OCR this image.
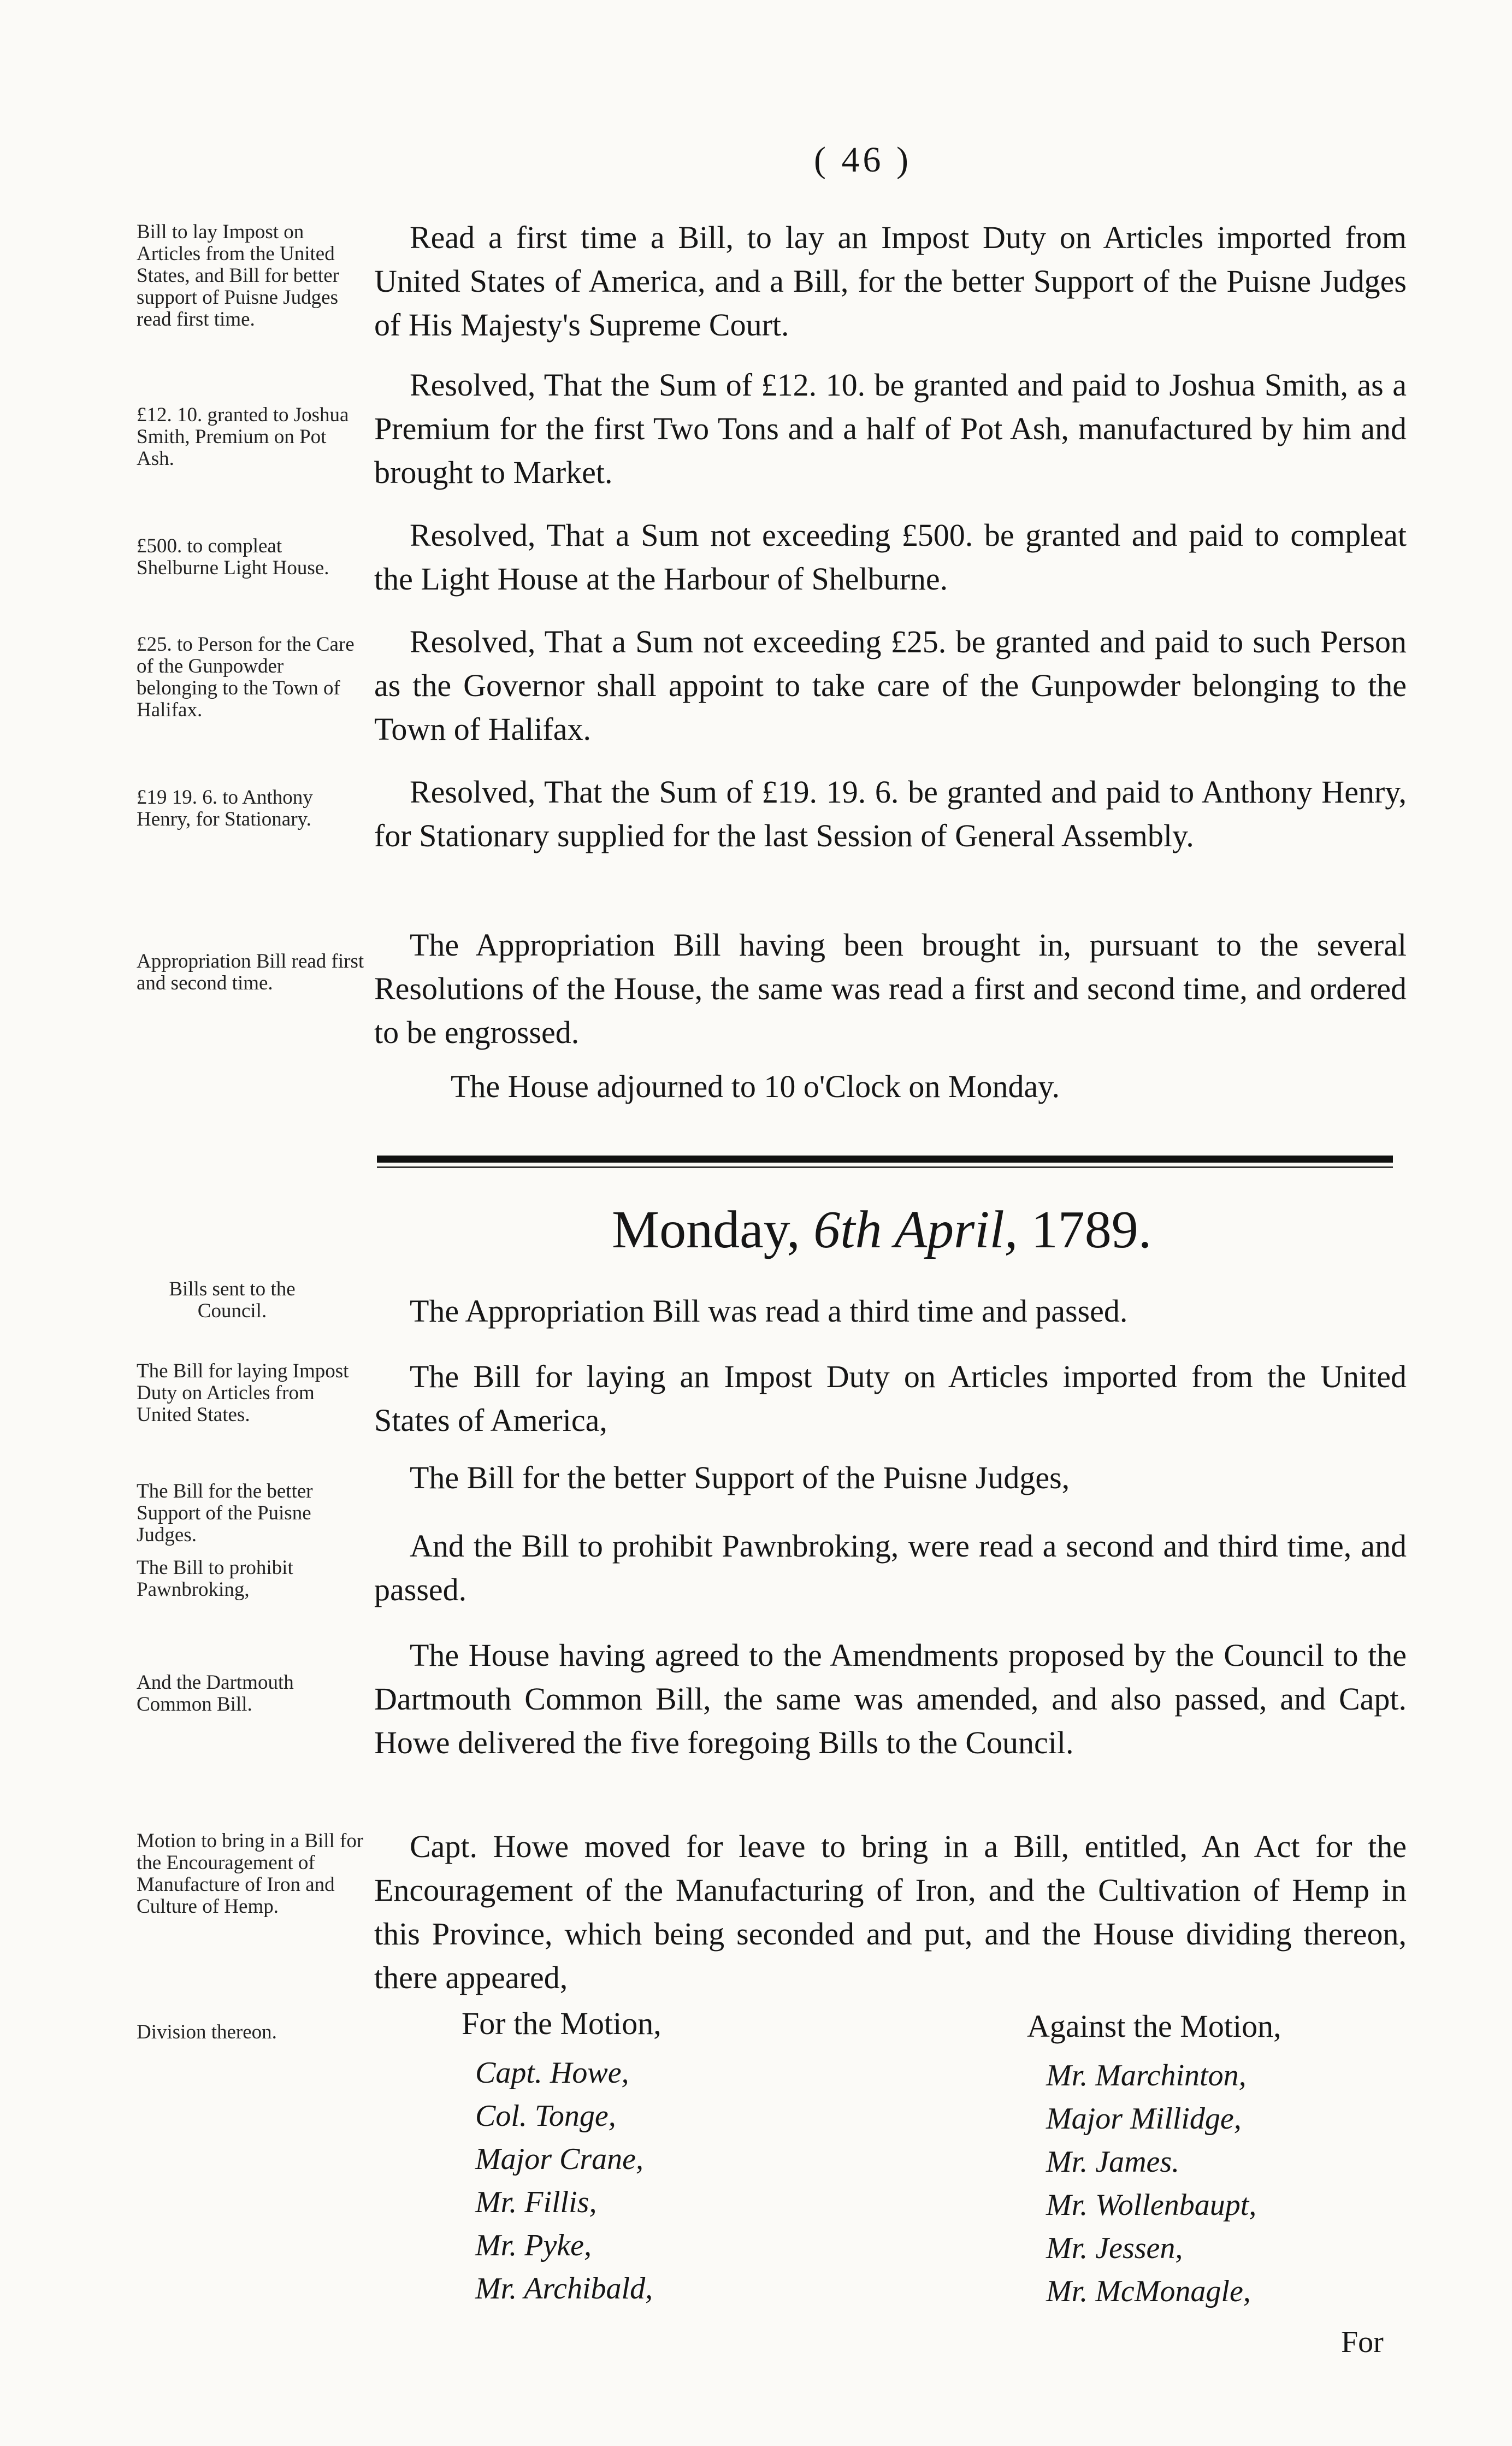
( 46 )
Bill to lay Impost on Articles from the United States, and Bill for better support of Puisne Judges read first time.
£12. 10. granted to Joshua Smith, Premium on Pot Ash.
£500. to compleat Shelburne Light House.
£25. to Person for the Care of the Gunpowder belonging to the Town of Halifax.
£19 19. 6. to Anthony Henry, for Stationary.
Appropriation Bill read first and second time.
Read a first time a Bill, to lay an Impost Duty on Articles imported from United States of America, and a Bill, for the better Support of the Puisne Judges of His Majesty's Supreme Court.
Resolved, That the Sum of £12. 10. be granted and paid to Joshua Smith, as a Premium for the first Two Tons and a half of Pot Ash, manufactured by him and brought to Market.
Resolved, That a Sum not exceeding £500. be granted and paid to compleat the Light House at the Harbour of Shelburne.
Resolved, That a Sum not exceeding £25. be granted and paid to such Person as the Governor shall appoint to take care of the Gunpowder belonging to the Town of Halifax.
Resolved, That the Sum of £19. 19. 6. be granted and paid to Anthony Henry, for Stationary supplied for the last Session of General Assembly.
The Appropriation Bill having been brought in, pursuant to the several Resolutions of the House, the same was read a first and second time, and ordered to be engrossed.
The House adjourned to 10 o'Clock on Monday.
Monday, 6th April, 1789.
Bills sent to the Council.
The Bill for laying Impost Duty on Articles from United States.
The Bill for the better Support of the Puisne Judges.
The Bill to prohibit Pawnbroking,
And the Dartmouth Common Bill.
Motion to bring in a Bill for the Encouragement of Manufacture of Iron and Culture of Hemp.
Division thereon.
The Appropriation Bill was read a third time and passed.
The Bill for laying an Impost Duty on Articles imported from the United States of America,
The Bill for the better Support of the Puisne Judges,
And the Bill to prohibit Pawnbroking, were read a second and third time, and passed.
The House having agreed to the Amendments proposed by the Council to the Dartmouth Common Bill, the same was amended, and also passed, and Capt. Howe delivered the five foregoing Bills to the Council.
Capt. Howe moved for leave to bring in a Bill, entitled, An Act for the Encouragement of the Manufacturing of Iron, and the Cultivation of Hemp in this Province, which being seconded and put, and the House dividing thereon, there appeared,
For the Motion,	Against the Motion,
Capt. Howe,
Col. Tonge,
Major Crane,
Mr. Fillis,
Mr. Pyke,
Mr. Archibald,
Mr. Marchinton,
Major Millidge,
Mr. James.
Mr. Wollenbaupt,
Mr. Jessen,
Mr. McMonagle,
For
